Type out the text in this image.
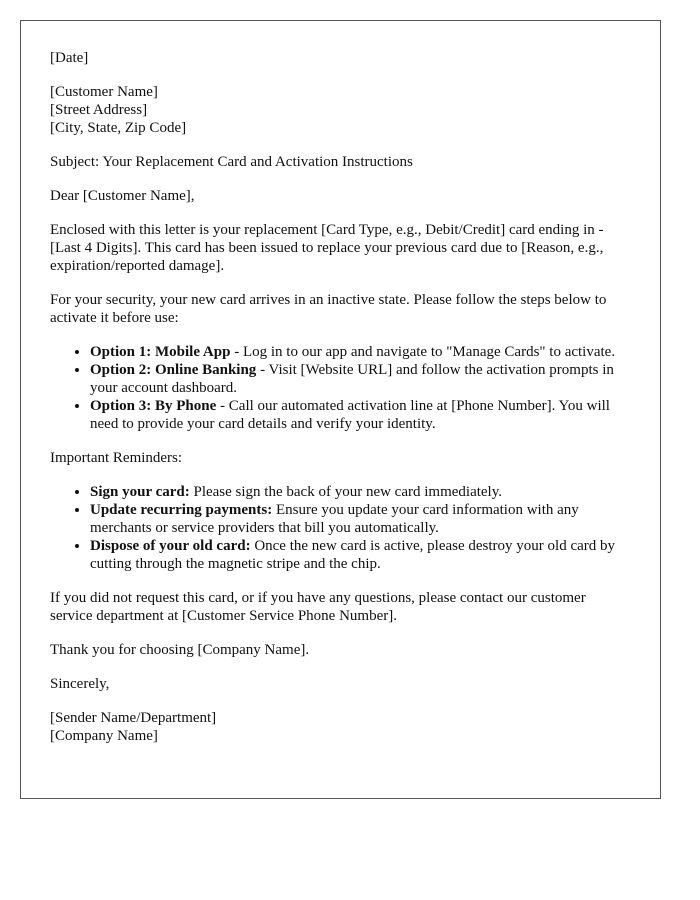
[Date]

[Customer Name]
[Street Address]
[City, State, Zip Code]

Subject: Your Replacement Card and Activation Instructions

Dear [Customer Name],

Enclosed with this letter is your replacement [Card Type, e.g., Debit/Credit] card ending in -[Last 4 Digits]. This card has been issued to replace your previous card due to [Reason, e.g., expiration/reported damage].

For your security, your new card arrives in an inactive state. Please follow the steps below to activate it before use:

• Option 1: Mobile App - Log in to our app and navigate to "Manage Cards" to activate.
• Option 2: Online Banking - Visit [Website URL] and follow the activation prompts in your account dashboard.
• Option 3: By Phone - Call our automated activation line at [Phone Number]. You will need to provide your card details and verify your identity.

Important Reminders:

• Sign your card: Please sign the back of your new card immediately.
• Update recurring payments: Ensure you update your card information with any merchants or service providers that bill you automatically.
• Dispose of your old card: Once the new card is active, please destroy your old card by cutting through the magnetic stripe and the chip.

If you did not request this card, or if you have any questions, please contact our customer service department at [Customer Service Phone Number].

Thank you for choosing [Company Name].

Sincerely,

[Sender Name/Department]
[Company Name]
